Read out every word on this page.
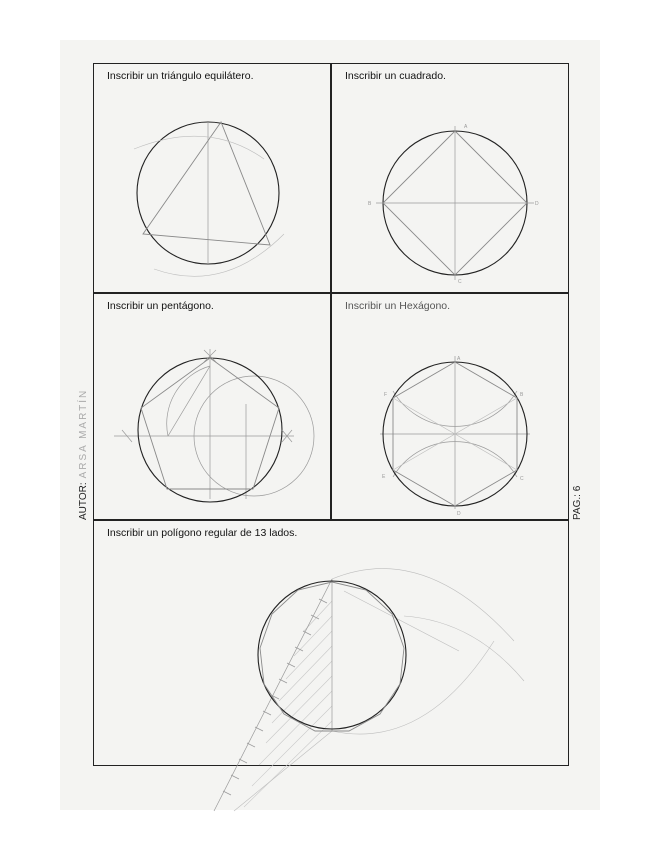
Inscribir un triángulo equilátero.	Inscribir un cuadrado.
A
B
C
D
Inscribir un pentágono.	Inscribir un Hexágono.
A
B
C
D
E
F
Inscribir un polígono regular de 13 lados.
AUTOR:ARSA MARTÍN
PAG.: 6
